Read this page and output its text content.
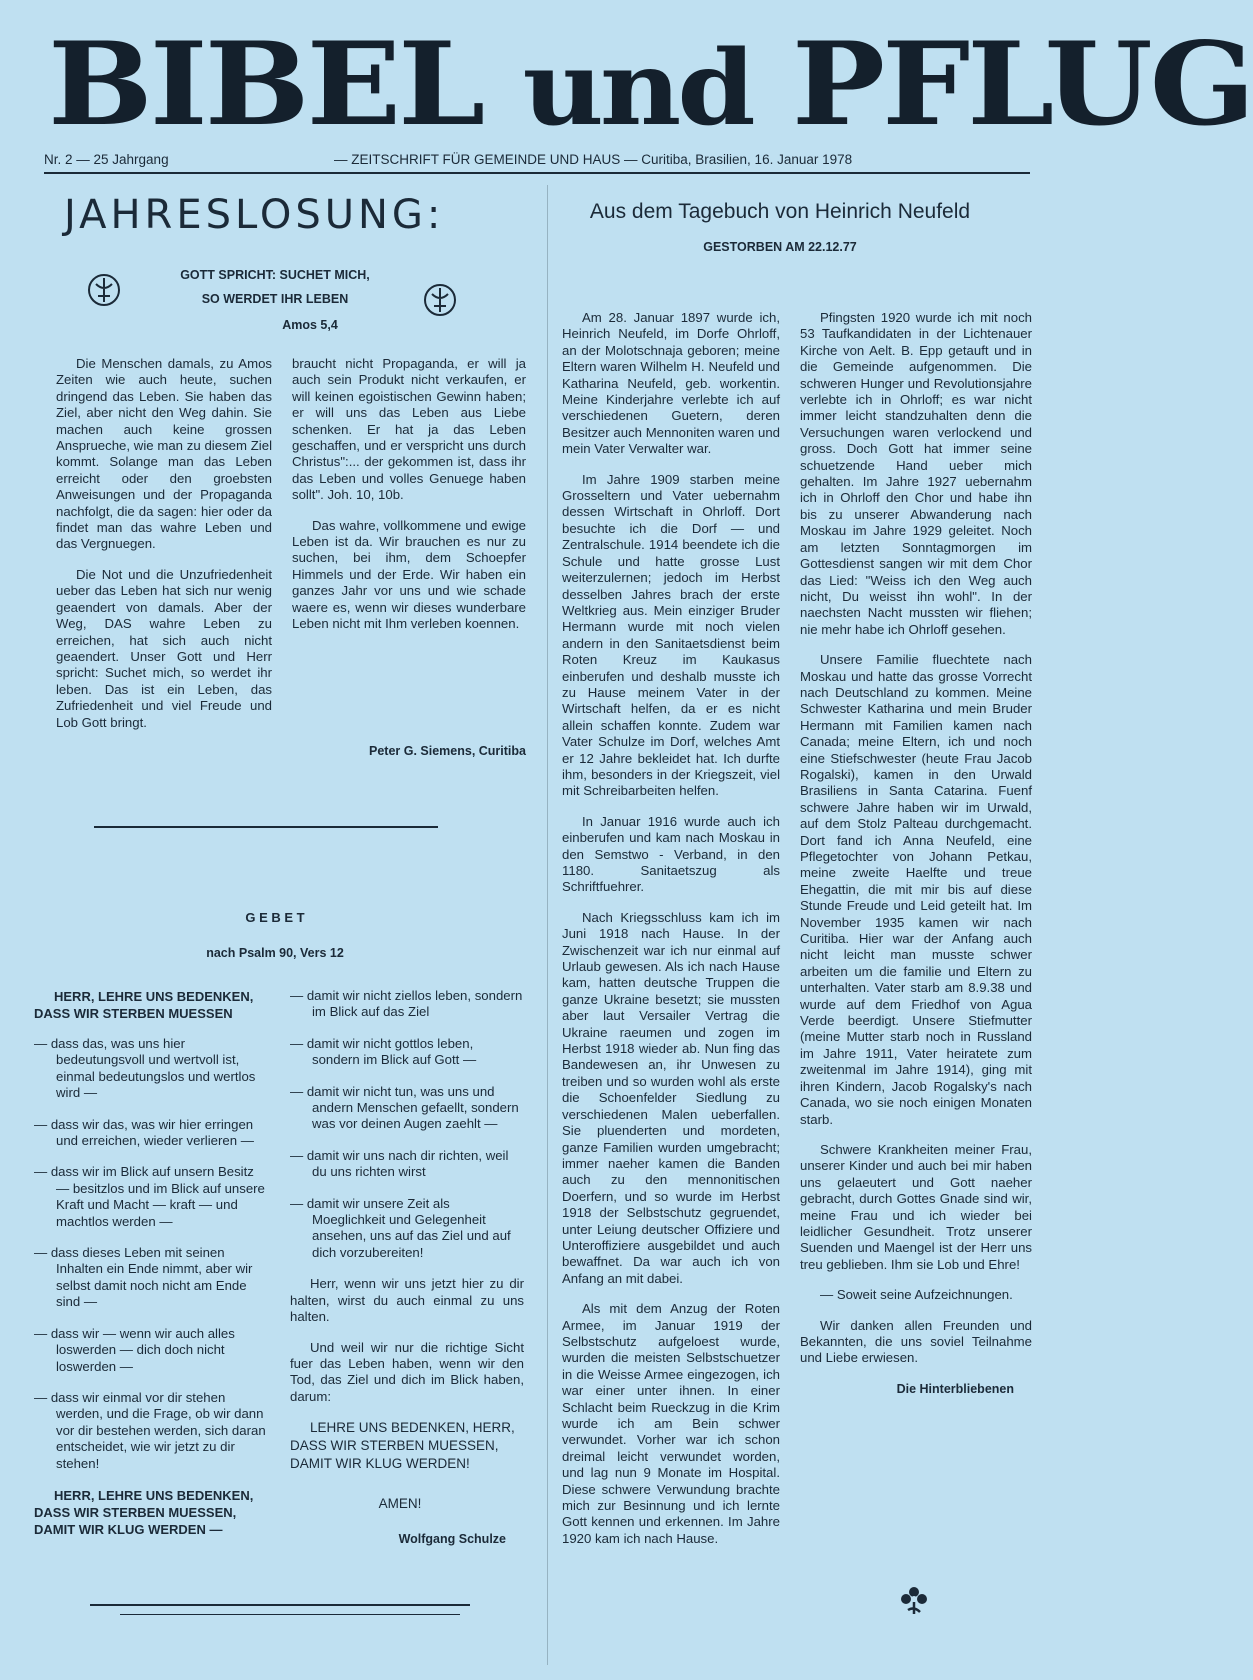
BIBEL und PFLUG
Nr. 2 — 25 Jahrgang	— ZEITSCHRIFT FÜR GEMEINDE UND HAUS — Curitiba, Brasilien, 16. Januar 1978
JAHRESLOSUNG:
GOTT SPRICHT: SUCHET MICH,
SO WERDET IHR LEBEN
Amos 5,4

Die Menschen damals, zu Amos Zeiten wie auch heute, suchen dringend das Leben. Sie haben das Ziel, aber nicht den Weg dahin. Sie machen auch keine grossen Ansprueche, wie man zu diesem Ziel kommt. Solange man das Leben erreicht oder den groebsten Anweisungen und der Propaganda nachfolgt, die da sagen: hier oder da findet man das wahre Leben und das Vergnuegen.

Die Not und die Unzufriedenheit ueber das Leben hat sich nur wenig geaendert von damals. Aber der Weg, DAS wahre Leben zu erreichen, hat sich auch nicht geaendert. Unser Gott und Herr spricht: Suchet mich, so werdet ihr leben. Das ist ein Leben, das Zufriedenheit und viel Freude und Lob Gott bringt.

braucht nicht Propaganda, er will ja auch sein Produkt nicht verkaufen, er will keinen egoistischen Gewinn haben; er will uns das Leben aus Liebe schenken. Er hat ja das Leben geschaffen, und er verspricht uns durch Christus":... der gekommen ist, dass ihr das Leben und volles Genuege haben sollt". Joh. 10, 10b.

Das wahre, vollkommene und ewige Leben ist da. Wir brauchen es nur zu suchen, bei ihm, dem Schoepfer Himmels und der Erde. Wir haben ein ganzes Jahr vor uns und wie schade waere es, wenn wir dieses wunderbare Leben nicht mit Ihm verleben koennen.

Peter G. Siemens, Curitiba
G E B E T
nach Psalm 90, Vers 12

HERR, LEHRE UNS BEDENKEN, DASS WIR STERBEN MUESSEN

— dass das, was uns hier bedeutungsvoll und wertvoll ist, einmal bedeutungslos und wertlos wird —
— dass wir das, was wir hier erringen und erreichen, wieder verlieren —
— dass wir im Blick auf unsern Besitz — besitzlos und im Blick auf unsere Kraft und Macht — kraft — und machtlos werden —
— dass dieses Leben mit seinen Inhalten ein Ende nimmt, aber wir selbst damit noch nicht am Ende sind —
— dass wir — wenn wir auch alles loswerden — dich doch nicht loswerden —
— dass wir einmal vor dir stehen werden, und die Frage, ob wir dann vor dir bestehen werden, sich daran entscheidet, wie wir jetzt zu dir stehen!

HERR, LEHRE UNS BEDENKEN, DASS WIR STERBEN MUESSEN, DAMIT WIR KLUG WERDEN —

— damit wir nicht ziellos leben, sondern im Blick auf das Ziel
— damit wir nicht gottlos leben, sondern im Blick auf Gott —
— damit wir nicht tun, was uns und andern Menschen gefaellt, sondern was vor deinen Augen zaehlt —
— damit wir uns nach dir richten, weil du uns richten wirst
— damit wir unsere Zeit als Moeglichkeit und Gelegenheit ansehen, uns auf das Ziel und auf dich vorzubereiten!

Herr, wenn wir uns jetzt hier zu dir halten, wirst du auch einmal zu uns halten.

Und weil wir nur die richtige Sicht fuer das Leben haben, wenn wir den Tod, das Ziel und dich im Blick haben, darum:

LEHRE UNS BEDENKEN, HERR, DASS WIR STERBEN MUESSEN, DAMIT WIR KLUG WERDEN!

AMEN!
Wolfgang Schulze
Aus dem Tagebuch von Heinrich Neufeld
GESTORBEN AM 22.12.77

Am 28. Januar 1897 wurde ich, Heinrich Neufeld, im Dorfe Ohrloff, an der Molotschnaja geboren; meine Eltern waren Wilhelm H. Neufeld und Katharina Neufeld, geb. workentin. Meine Kinderjahre verlebte ich auf verschiedenen Guetern, deren Besitzer auch Mennoniten waren und mein Vater Verwalter war.

Im Jahre 1909 starben meine Grosseltern und Vater uebernahm dessen Wirtschaft in Ohrloff. Dort besuchte ich die Dorf — und Zentralschule. 1914 beendete ich die Schule und hatte grosse Lust weiterzulernen; jedoch im Herbst desselben Jahres brach der erste Weltkrieg aus. Mein einziger Bruder Hermann wurde mit noch vielen andern in den Sanitaetsdienst beim Roten Kreuz im Kaukasus einberufen und deshalb musste ich zu Hause meinem Vater in der Wirtschaft helfen, da er es nicht allein schaffen konnte. Zudem war Vater Schulze im Dorf, welches Amt er 12 Jahre bekleidet hat. Ich durfte ihm, besonders in der Kriegszeit, viel mit Schreibarbeiten helfen.

In Januar 1916 wurde auch ich einberufen und kam nach Moskau in den Semstwo - Verband, in den 1180. Sanitaetszug als Schriftfuehrer.

Nach Kriegsschluss kam ich im Juni 1918 nach Hause. In der Zwischenzeit war ich nur einmal auf Urlaub gewesen. Als ich nach Hause kam, hatten deutsche Truppen die ganze Ukraine besetzt; sie mussten aber laut Versailer Vertrag die Ukraine raeumen und zogen im Herbst 1918 wieder ab. Nun fing das Bandewesen an, ihr Unwesen zu treiben und so wurden wohl als erste die Schoenfelder Siedlung zu verschiedenen Malen ueberfallen. Sie pluenderten und mordeten, ganze Familien wurden umgebracht; immer naeher kamen die Banden auch zu den mennonitischen Doerfern, und so wurde im Herbst 1918 der Selbstschutz gegruendet, unter Leiung deutscher Offiziere und Unteroffiziere ausgebildet und auch bewaffnet. Da war auch ich von Anfang an mit dabei.

Als mit dem Anzug der Roten Armee, im Januar 1919 der Selbstschutz aufgeloest wurde, wurden die meisten Selbstschuetzer in die Weisse Armee eingezogen, ich war einer unter ihnen. In einer Schlacht beim Rueckzug in die Krim wurde ich am Bein schwer verwundet. Vorher war ich schon dreimal leicht verwundet worden, und lag nun 9 Monate im Hospital. Diese schwere Verwundung brachte mich zur Besinnung und ich lernte Gott kennen und erkennen. Im Jahre 1920 kam ich nach Hause.

Pfingsten 1920 wurde ich mit noch 53 Taufkandidaten in der Lichtenauer Kirche von Aelt. B. Epp getauft und in die Gemeinde aufgenommen. Die schweren Hunger und Revolutionsjahre verlebte ich in Ohrloff; es war nicht immer leicht standzuhalten denn die Versuchungen waren verlockend und gross. Doch Gott hat immer seine schuetzende Hand ueber mich gehalten. Im Jahre 1927 uebernahm ich in Ohrloff den Chor und habe ihn bis zu unserer Abwanderung nach Moskau im Jahre 1929 geleitet. Noch am letzten Sonntagmorgen im Gottesdienst sangen wir mit dem Chor das Lied: "Weiss ich den Weg auch nicht, Du weisst ihn wohl". In der naechsten Nacht mussten wir fliehen; nie mehr habe ich Ohrloff gesehen.

Unsere Familie fluechtete nach Moskau und hatte das grosse Vorrecht nach Deutschland zu kommen. Meine Schwester Katharina und mein Bruder Hermann mit Familien kamen nach Canada; meine Eltern, ich und noch eine Stiefschwester (heute Frau Jacob Rogalski), kamen in den Urwald Brasiliens in Santa Catarina. Fuenf schwere Jahre haben wir im Urwald, auf dem Stolz Palteau durchgemacht. Dort fand ich Anna Neufeld, eine Pflegetochter von Johann Petkau, meine zweite Haelfte und treue Ehegattin, die mit mir bis auf diese Stunde Freude und Leid geteilt hat. Im November 1935 kamen wir nach Curitiba. Hier war der Anfang auch nicht leicht man musste schwer arbeiten um die familie und Eltern zu unterhalten. Vater starb am 8.9.38 und wurde auf dem Friedhof von Agua Verde beerdigt. Unsere Stiefmutter (meine Mutter starb noch in Russland im Jahre 1911, Vater heiratete zum zweitenmal im Jahre 1914), ging mit ihren Kindern, Jacob Rogalsky's nach Canada, wo sie noch einigen Monaten starb.

Schwere Krankheiten meiner Frau, unserer Kinder und auch bei mir haben uns gelaeutert und Gott naeher gebracht, durch Gottes Gnade sind wir, meine Frau und ich wieder bei leidlicher Gesundheit. Trotz unserer Suenden und Maengel ist der Herr uns treu geblieben. Ihm sie Lob und Ehre!

— Soweit seine Aufzeichnungen.

Wir danken allen Freunden und Bekannten, die uns soviel Teilnahme und Liebe erwiesen.

Die Hinterbliebenen
